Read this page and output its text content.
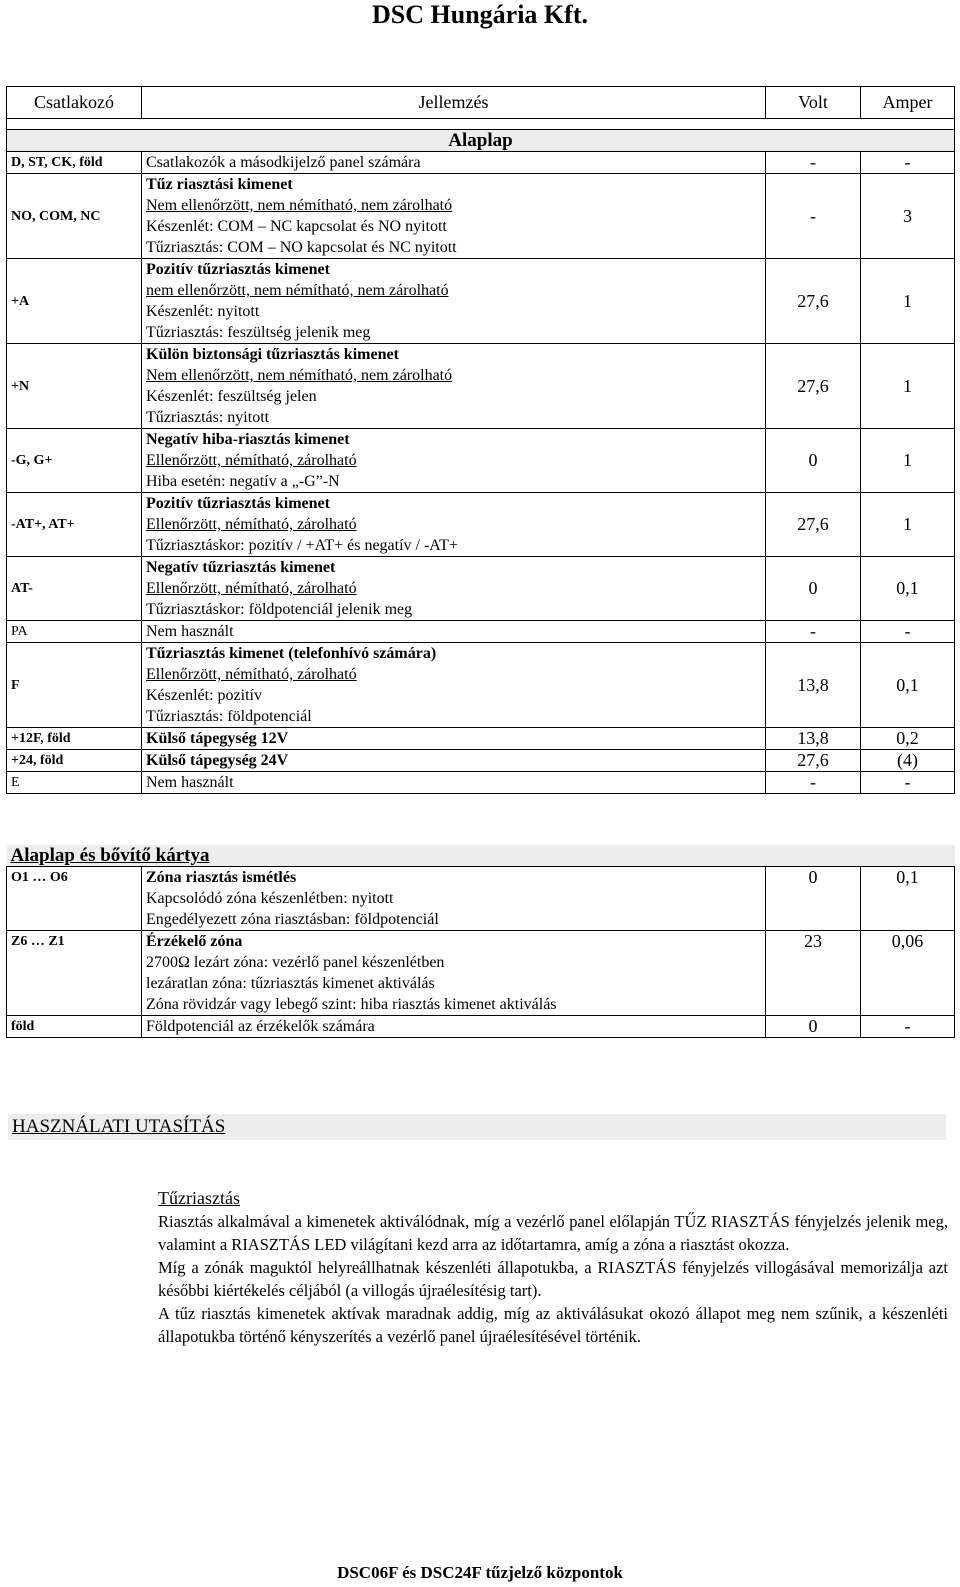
DSC Hungária Kft.
Csatlakozó	Jellemzés	Volt	Amper

Alaplap			
D, ST, CK, föld	Csatlakozók a másodkijelző panel számára	-	-
NO, COM, NC	Tűz riasztási kimenet
Nem ellenőrzött, nem némítható, nem zárolható
Készenlét: COM – NC kapcsolat és NO nyitott
Tűzriasztás: COM – NO kapcsolat és NC nyitott	-	3
+A	Pozitív tűzriasztás kimenet
nem ellenőrzött, nem némítható, nem zárolható
Készenlét: nyitott
Tűzriasztás: feszültség jelenik meg	27,6	1
+N	Külön biztonsági tűzriasztás kimenet
Nem ellenőrzött, nem némítható, nem zárolható
Készenlét: feszültség jelen
Tűzriasztás: nyitott	27,6	1
-G, G+	Negatív hiba-riasztás kimenet
Ellenőrzött, némítható, zárolható
Hiba esetén: negatív a „-G”-N	0	1
-AT+, AT+	Pozitív tűzriasztás kimenet
Ellenőrzött, némítható, zárolható
Tűzriasztáskor: pozitív / +AT+ és negatív / -AT+	27,6	1
AT-	Negatív tűzriasztás kimenet
Ellenőrzött, némítható, zárolható
Tűzriasztáskor: földpotenciál jelenik meg	0	0,1
PA	Nem használt	-	-
F	Tűzriasztás kimenet (telefonhívó számára)
Ellenőrzött, némítható, zárolható
Készenlét: pozitív
Tűzriasztás: földpotenciál	13,8	0,1
+12F, föld	Külső tápegység 12V	13,8	0,2
+24, föld	Külső tápegység 24V	27,6	(4)
E	Nem használt	-	-
Alaplap és bővítő kártya			
O1 … O6	Zóna riasztás ismétlés
Kapcsolódó zóna készenlétben: nyitott
Engedélyezett zóna riasztásban: földpotenciál	0	0,1
Z6 … Z1	Érzékelő zóna
2700Ω lezárt zóna: vezérlő panel készenlétben
lezáratlan zóna: tűzriasztás kimenet aktiválás
Zóna rövidzár vagy lebegő szint: hiba riasztás kimenet aktiválás	23	0,06
föld	Földpotenciál az érzékelők számára	0	-
HASZNÁLATI UTASÍTÁS
Tűzriasztás

Riasztás alkalmával a kimenetek aktiválódnak, míg a vezérlő panel előlapján TŰZ RIASZTÁS fényjelzés jelenik meg, valamint a RIASZTÁS LED világítani kezd arra az időtartamra, amíg a zóna a riasztást okozza.

Míg a zónák maguktól helyreállhatnak készenléti állapotukba, a RIASZTÁS fényjelzés villogásával memorizálja azt későbbi kiértékelés céljából (a villogás újraélesítésig tart).

A tűz riasztás kimenetek aktívak maradnak addig, míg az aktiválásukat okozó állapot meg nem szűnik, a készenléti állapotukba történő kényszerítés a vezérlő panel újraélesítésével történik.

DSC06F és DSC24F tűzjelző központok
